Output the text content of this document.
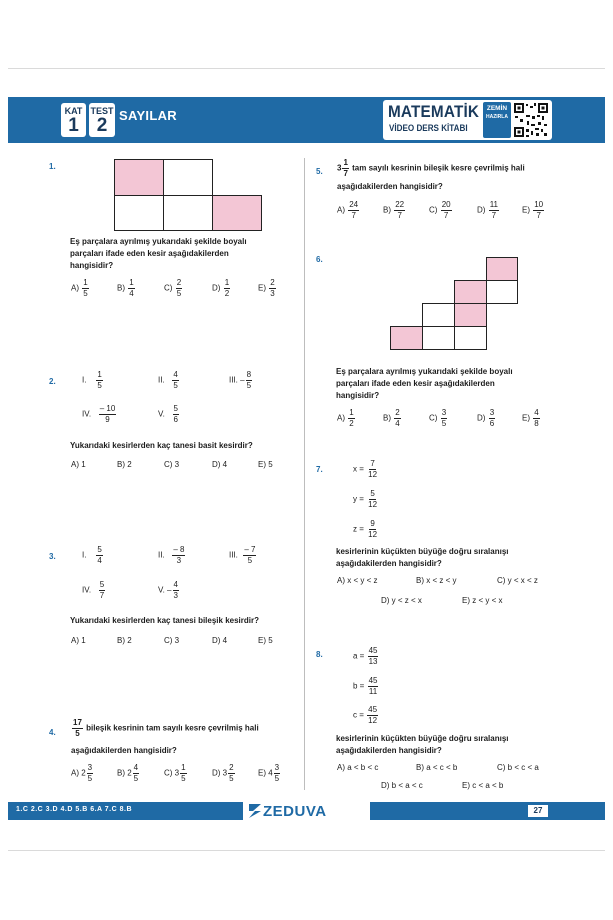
KAT
1
TEST
2 SAYILAR	MATEMATİK
VİDEO DERS KİTABI
ZEMİN
HAZIRLA
1.
Eş parçalara ayrılmış yukarıdaki şekilde boyalı
parçaları ifade eden kesir aşağıdakilerden
hangisidir?
$A) \frac{1}{5}$	$B) \frac{1}{4}$	$C) \frac{2}{5}$	$D) \frac{1}{2}$	$E) \frac{2}{3}$
2.	I. $\frac{1}{5}$	II. $\frac{4}{5}$	III. – $\frac{8}{5}$
IV. $\frac{- 10}{9}$	V. $\frac{5}{6}$
Yukarıdaki kesirlerden kaç tanesi basit kesirdir?
A) 1	B) 2	C) 3	D) 4	E) 5
3.	I. $\frac{5}{4}$	II. $\frac{- 8}{3}$	III. $\frac{- 7}{5}$
IV. $\frac{5}{7}$	V. – $\frac{4}{3}$
Yukarıdaki kesirlerden kaç tanesi bileşik kesirdir?
A) 1	B) 2	C) 3	D) 4	E) 5
4. $\frac{17}{5}$ bileşik kesrinin tam sayılı kesre çevrilmiş hali
aşağıdakilerden hangisidir?
A) $2 \frac{3}{5}$	B) $2 \frac{4}{5}$	C) $3 \frac{1}{5}$	D) $3 \frac{2}{5}$	E) $4 \frac{3}{5}$
5. $3 \frac{1}{7}$ tam sayılı kesrinin bileşik kesre çevrilmiş hali
aşağıdakilerden hangisidir?
$A) \frac{24}{7}$	$B) \frac{22}{7}$	$C) \frac{20}{7}$	$D) \frac{11}{7}$	$E) \frac{10}{7}$
6.
Eş parçalara ayrılmış yukarıdaki şekilde boyalı
parçaları ifade eden kesir aşağıdakilerden
hangisidir?
$A) \frac{1}{2}$	$B) \frac{2}{4}$	$C) \frac{3}{5}$	$D) \frac{3}{6}$	$E) \frac{4}{8}$
7.	$x = \frac{7}{12}$
$y = \frac{5}{12}$
$z = \frac{9}{12}$
kesirlerinin küçükten büyüğe doğru sıralanışı
aşağıdakilerden hangisidir?
A) x < y < z	B) x < z < y	C) y < x < z
D) y < z < x	E) z < y < x
8.	$a = \frac{45}{13}$
$b = \frac{45}{11}$
$c = \frac{45}{12}$
kesirlerinin küçükten büyüğe doğru sıralanışı
aşağıdakilerden hangisidir?
A) a < b < c	B) a < c < b	C) b < c < a
D) b < a < c	E) c < a < b
1.C 2.C 3.D 4.D 5.B 6.A 7.C 8.B	ZEDUVA	27
